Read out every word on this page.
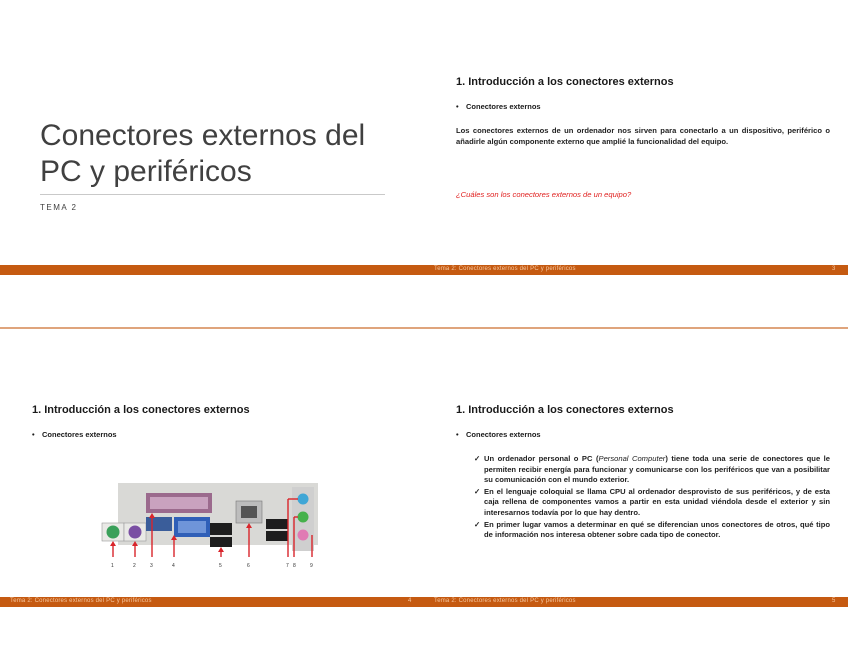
Conectores externos del PC y periféricos
TEMA 2
1. Introducción a los conectores externos
• Conectores externos
Los conectores externos de un ordenador nos sirven para conectarlo a un dispositivo, periférico o añadirle algún componente externo que amplié la funcionalidad del equipo.
¿Cuáles son los conectores externos de un equipo?
Tema 2: Conectores externos del PC y periféricos	3
1. Introducción a los conectores externos
• Conectores externos
1	2	3	4	5	6	7 8	9
Tema 2: Conectores externos del PC y periféricos	4
1. Introducción a los conectores externos
• Conectores externos
✓ Un ordenador personal o PC (Personal Computer) tiene toda una serie de conectores que le permiten recibir energía para funcionar y comunicarse con los periféricos que van a posibilitar su comunicación con el mundo exterior.
✓ En el lenguaje coloquial se llama CPU al ordenador desprovisto de sus periféricos, y de esta caja rellena de componentes vamos a partir en esta unidad viéndola desde el exterior y sin interesarnos todavía por lo que hay dentro.
✓ En primer lugar vamos a determinar en qué se diferencian unos conectores de otros, qué tipo de información nos interesa obtener sobre cada tipo de conector.
Tema 2: Conectores externos del PC y periféricos	5
